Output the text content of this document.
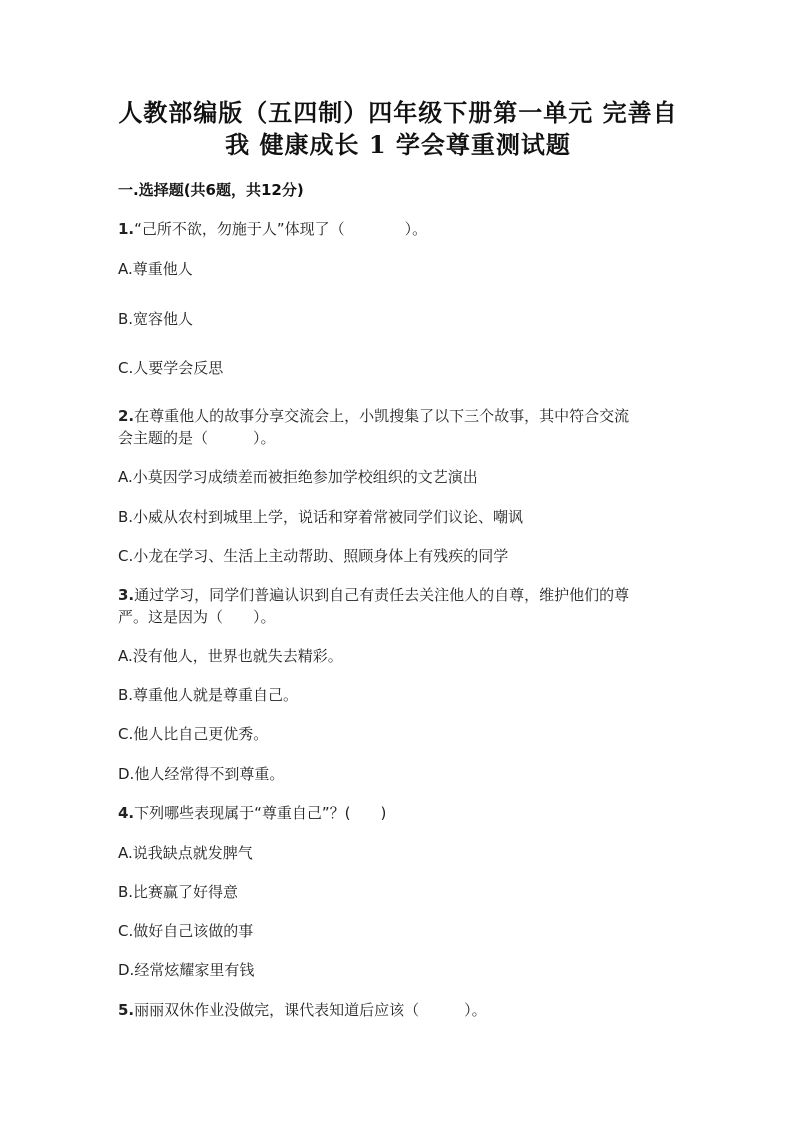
人教部编版（五四制）四年级下册第一单元 完善自
我 健康成长 1 学会尊重测试题
一.选择题(共6题，共12分)
1.“己所不欲，勿施于人”体现了（　　　　）。
A.尊重他人
B.宽容他人
C.人要学会反思
2.在尊重他人的故事分享交流会上，小凯搜集了以下三个故事，其中符合交流
会主题的是（　　　）。
A.小莫因学习成绩差而被拒绝参加学校组织的文艺演出
B.小威从农村到城里上学，说话和穿着常被同学们议论、嘲讽
C.小龙在学习、生活上主动帮助、照顾身体上有残疾的同学
3.通过学习，同学们普遍认识到自己有责任去关注他人的自尊，维护他们的尊
严。这是因为（　　）。
A.没有他人，世界也就失去精彩。
B.尊重他人就是尊重自己。
C.他人比自己更优秀。
D.他人经常得不到尊重。
4.下列哪些表现属于“尊重自己”？(　　)
A.说我缺点就发脾气
B.比赛赢了好得意
C.做好自己该做的事
D.经常炫耀家里有钱
5.丽丽双休作业没做完，课代表知道后应该（　　　）。
